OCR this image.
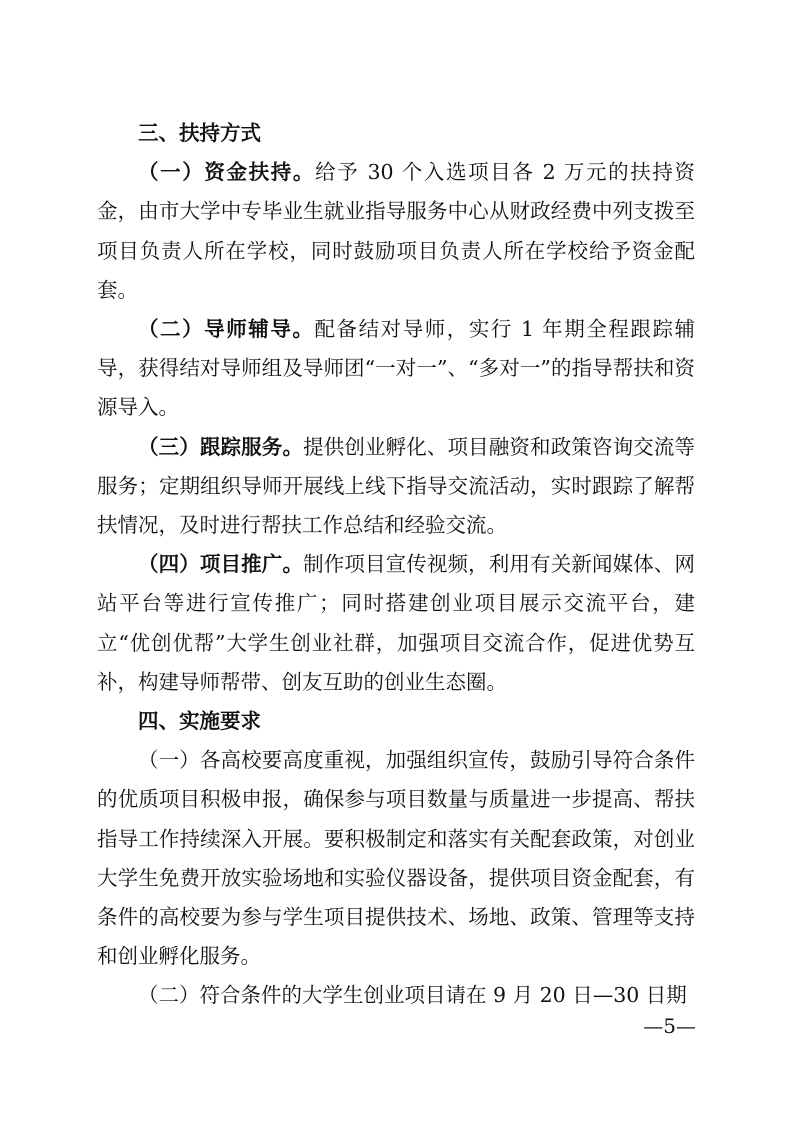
三、扶持方式

（一）资金扶持。给予 30 个入选项目各 2 万元的扶持资金，由市大学中专毕业生就业指导服务中心从财政经费中列支拨至项目负责人所在学校，同时鼓励项目负责人所在学校给予资金配套。

（二）导师辅导。配备结对导师，实行 1 年期全程跟踪辅导，获得结对导师组及导师团“一对一”、“多对一”的指导帮扶和资源导入。

（三）跟踪服务。提供创业孵化、项目融资和政策咨询交流等服务；定期组织导师开展线上线下指导交流活动，实时跟踪了解帮扶情况，及时进行帮扶工作总结和经验交流。

（四）项目推广。制作项目宣传视频，利用有关新闻媒体、网站平台等进行宣传推广；同时搭建创业项目展示交流平台，建立“优创优帮”大学生创业社群，加强项目交流合作，促进优势互补，构建导师帮带、创友互助的创业生态圈。

四、实施要求

（一）各高校要高度重视，加强组织宣传，鼓励引导符合条件的优质项目积极申报，确保参与项目数量与质量进一步提高、帮扶指导工作持续深入开展。要积极制定和落实有关配套政策，对创业大学生免费开放实验场地和实验仪器设备，提供项目资金配套，有条件的高校要为参与学生项目提供技术、场地、政策、管理等支持和创业孵化服务。

（二）符合条件的大学生创业项目请在 9 月 20 日—30 日期

—5—
